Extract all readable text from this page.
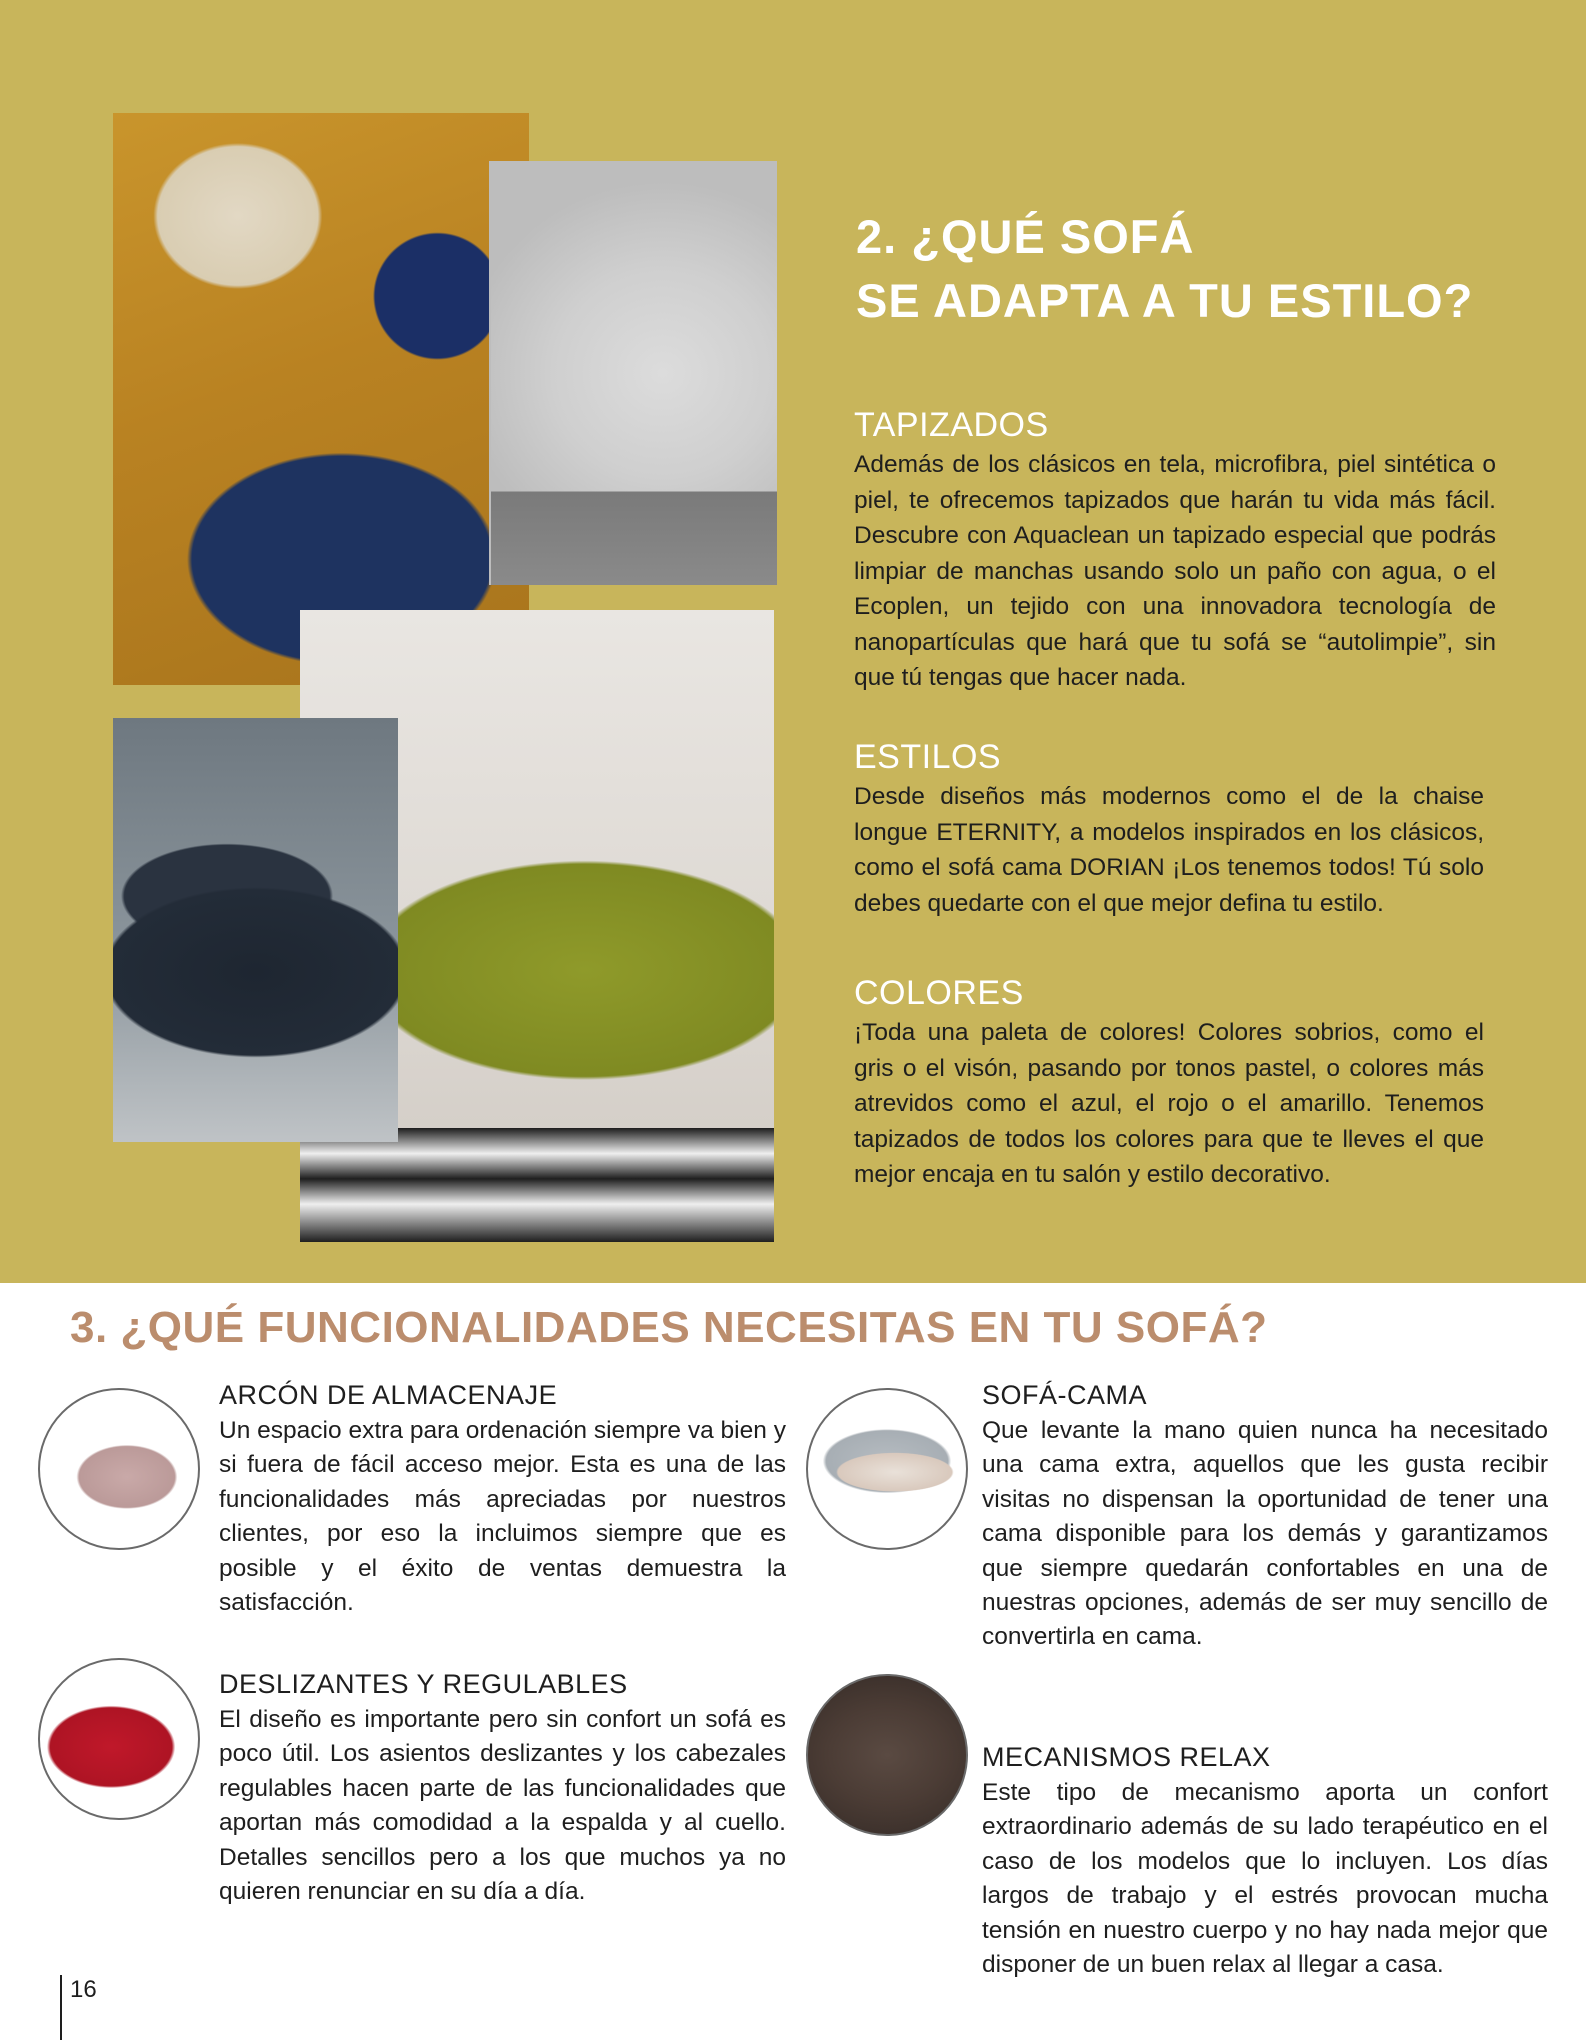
2. ¿QUÉ SOFÁ
SE ADAPTA A TU ESTILO?
TAPIZADOS

Además de los clásicos en tela, microfibra, piel sintética o piel, te ofrecemos tapizados que harán tu vida más fácil. Descubre con Aquaclean un tapizado especial que podrás limpiar de manchas usando solo un paño con agua, o el Ecoplen, un tejido con una innovadora tecnología de nanopartículas que hará que tu sofá se “autolimpie”, sin que tú tengas que hacer nada.

ESTILOS

Desde diseños más modernos como el de la chaise longue ETERNITY, a modelos inspirados en los clásicos, como el sofá cama DORIAN ¡Los tenemos todos! Tú solo debes quedarte con el que mejor defina tu estilo.

COLORES

¡Toda una paleta de colores! Colores sobrios, como el gris o el visón, pasando por tonos pastel, o colores más atrevidos como el azul, el rojo o el amarillo. Tenemos tapizados de todos los colores para que te lleves el que mejor encaja en tu salón y estilo decorativo.

3. ¿QUÉ FUNCIONALIDADES NECESITAS EN TU SOFÁ?
ARCÓN DE ALMACENAJE

Un espacio extra para ordenación siempre va bien y si fuera de fácil acceso mejor. Esta es una de las funcionalidades más apreciadas por nuestros clientes, por eso la incluimos siempre que es posible y el éxito de ventas demuestra la satisfacción.

DESLIZANTES Y REGULABLES

El diseño es importante pero sin confort un sofá es poco útil. Los asientos deslizantes y los cabezales regulables hacen parte de las funcionalidades que aportan más comodidad a la espalda y al cuello. Detalles sencillos pero a los que muchos ya no quieren renunciar en su día a día.

SOFÁ-CAMA

Que levante la mano quien nunca ha necesitado una cama extra, aquellos que les gusta recibir visitas no dispensan la oportunidad de tener una cama disponible para los demás y garantizamos que siempre quedarán confortables en una de nuestras opciones, además de ser muy sencillo de convertirla en cama.

MECANISMOS RELAX

Este tipo de mecanismo aporta un confort extraordinario además de su lado terapéutico en el caso de los modelos que lo incluyen. Los días largos de trabajo y el estrés provocan mucha tensión en nuestro cuerpo y no hay nada mejor que disponer de un buen relax al llegar a casa.

16
